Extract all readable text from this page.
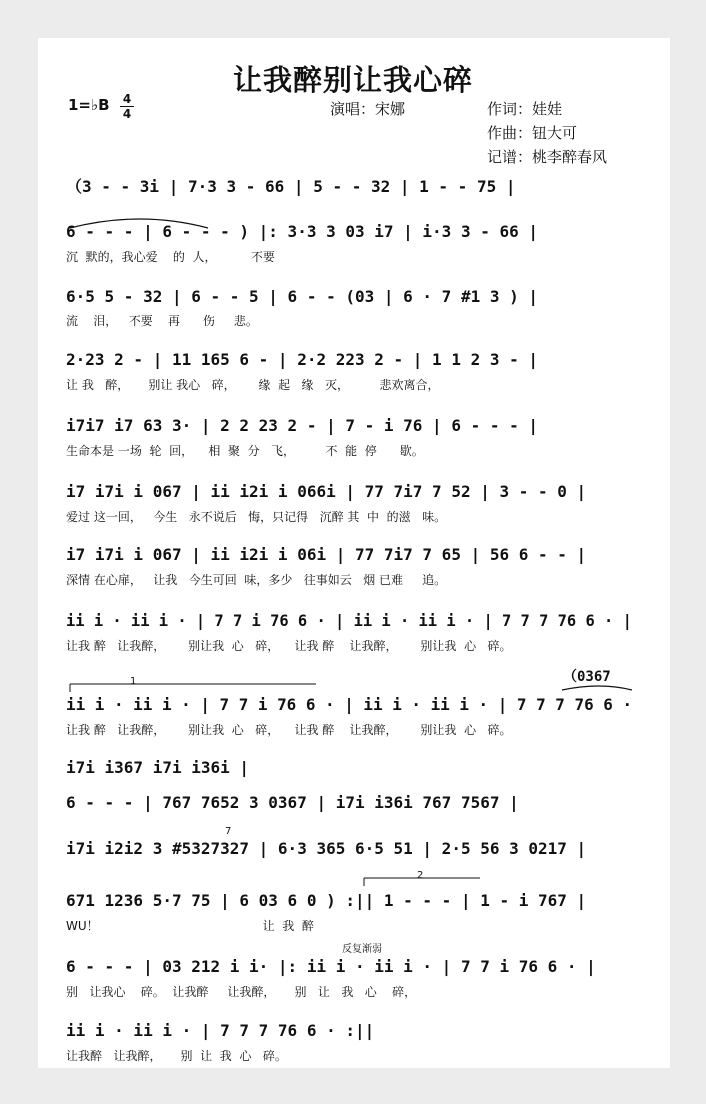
让我醉别让我心碎
1=♭B 4
4	演唱：宋娜	作词：娃娃
作曲：钮大可
记谱：桃李醉春风
（0367
1
2
反复渐弱
7
（3 - - 3i | 7·3 3 - 66 | 5 - - 32 | 1 - - 75 |
6 - - - | 6 - - - ) |: 3·3 3 03 i7 | i·3 3 - 66 |
沉  默的，我心爱    的  人，         不要
6·5 5 - 32 | 6 - - 5 | 6 - - (03 | 6 · 7 #1 3 ) |
流    泪，   不要    再      伤     悲。
2·23 2 - | 11 165 6 - | 2·2 223 2 - | 1 1 2 3 - |
让 我   醉，     别让 我心   碎，      缘  起   缘   灭，        悲欢离合，
i7i7 i7 63 3· | 2 2 23 2 - | 7 - i 76 | 6 - - - |
生命本是 一场  轮  回，    相  聚  分   飞，        不  能  停      歇。
i7 i7i i 067 | ii i2i i 066i | 77 7i7 7 52 | 3 - - 0 |
爱过 这一回，   今生   永不说后   悔，只记得   沉醉 其  中  的滋   味。
i7 i7i i 067 | ii i2i i 06i | 77 7i7 7 65 | 56 6 - - |
深情 在心扉，   让我   今生可回  味，多少   往事如云   烟 已难     追。
ii i · ii i · | 7 7 i 76 6 · | ii i · ii i · | 7 7 7 76 6 · |
让我 醉   让我醉，      别让我  心   碎，    让我 醉    让我醉，      别让我  心   碎。
ii i · ii i · | 7 7 i 76 6 · | ii i · ii i · | 7 7 7 76 6 ·
让我 醉   让我醉，      别让我  心   碎，    让我 醉    让我醉，      别让我  心   碎。
i7i i367 i7i i36i |
6 - - - | 767 7652 3 0367 | i7i i36i 767 7567 |
i7i i2i2 3 #5327327 | 6·3 365 6·5 51 | 2·5 56 3 0217 |
671 1236 5·7 75 | 6 03 6 0 ) :|| 1 - - - | 1 - i 767 |
WU！                                           让  我  醉
6 - - - | 03 212 i i· |: ii i · ii i · | 7 7 i 76 6 · |
别   让我心    碎。  让我醉     让我醉，     别   让   我   心    碎，
ii i · ii i · | 7 7 7 76 6 · :||
让我醉   让我醉，     别  让  我  心   碎。
